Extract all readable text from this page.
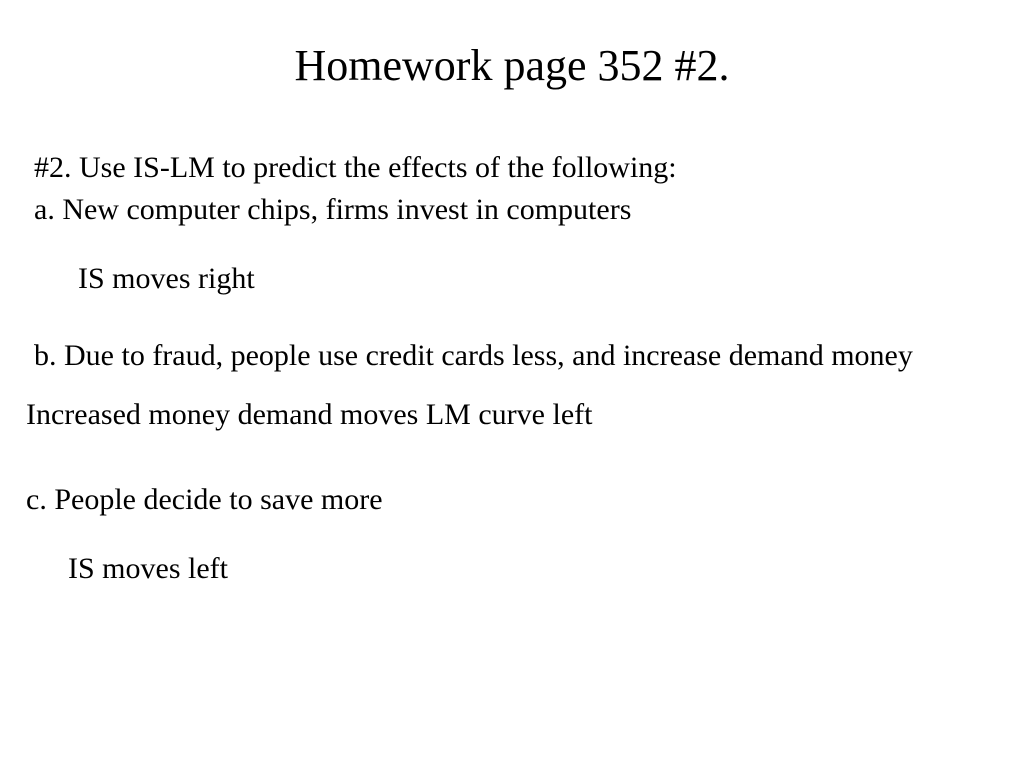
Homework page 352 #2.
#2. Use IS-LM to predict the effects of the following:
a. New computer chips, firms invest in computers
IS moves right
b. Due to fraud, people use credit cards less, and increase demand money
Increased money demand moves LM curve left
c. People decide to save more
IS moves left
